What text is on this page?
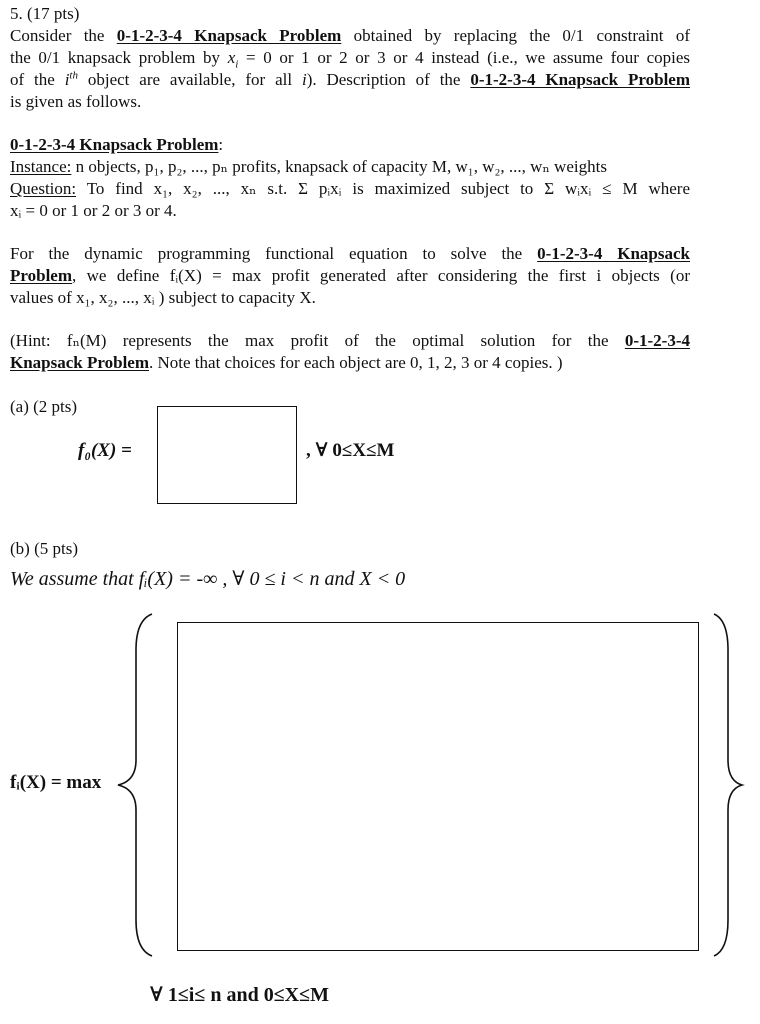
5. (17 pts)
Consider the 0-1-2-3-4 Knapsack Problem obtained by replacing the 0/1 constraint of
the 0/1 knapsack problem by $x_i = 0$ or 1 or 2 or 3 or 4 instead (i.e., we assume four copies
of the $i^{th}$ object are available, for all i). Description of the 0-1-2-3-4 Knapsack Problem
is given as follows.
0-1-2-3-4 Knapsack Problem:
Instance: n objects, p₁, p₂, ..., pₙ profits, knapsack of capacity M, w₁, w₂, ..., wₙ weights
Question: To find x₁, x₂, ..., xₙ s.t. Σ pᵢxᵢ is maximized subject to Σ wᵢxᵢ ≤ M where
xᵢ = 0 or 1 or 2 or 3 or 4.
For the dynamic programming functional equation to solve the 0-1-2-3-4 Knapsack
Problem, we define fᵢ(X) = max profit generated after considering the first i objects (or
values of x₁, x₂, ..., xᵢ ) subject to capacity X.
(Hint: fₙ(M) represents the max profit of the optimal solution for the 0-1-2-3-4
Knapsack Problem. Note that choices for each object are 0, 1, 2, 3 or 4 copies. )
(a) (2 pts)
f₀(X) =	, ∀ 0≤X≤M
(b) (5 pts)
We assume that fᵢ(X) = -∞ , ∀ 0 ≤ i < n and X < 0
fᵢ(X) = max
∀ 1≤i≤ n and 0≤X≤M
